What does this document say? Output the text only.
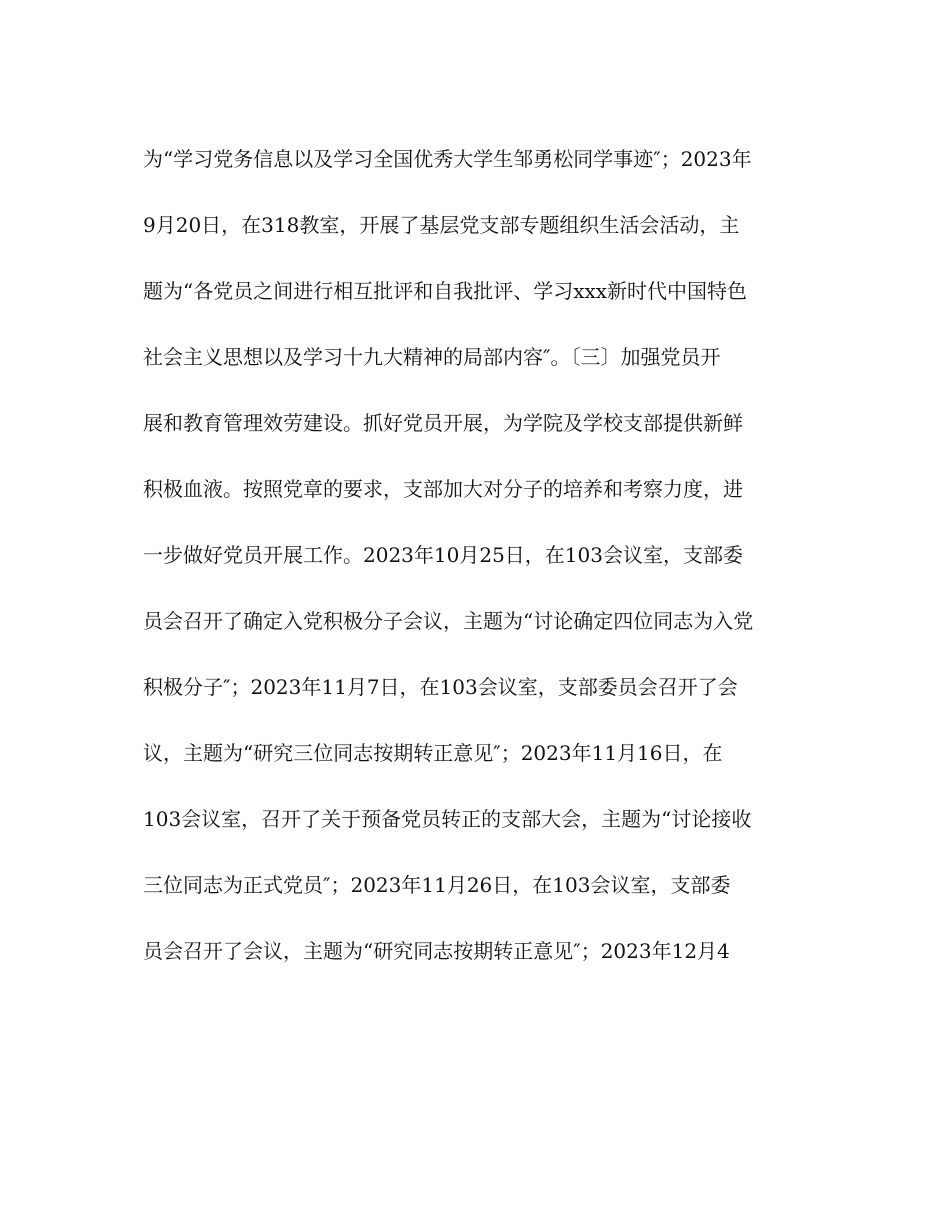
为“学习党务信息以及学习全国优秀大学生邹勇松同学事迹″；2023年
9月20日，在318教室，开展了基层党支部专题组织生活会活动，主
题为“各党员之间进行相互批评和自我批评、学习xxx新时代中国特色
社会主义思想以及学习十九大精神的局部内容″。〔三〕加强党员开
展和教育管理效劳建设。抓好党员开展，为学院及学校支部提供新鲜
积极血液。按照党章的要求，支部加大对分子的培养和考察力度，进
一步做好党员开展工作。2023年10月25日，在103会议室，支部委
员会召开了确定入党积极分子会议，主题为“讨论确定四位同志为入党
积极分子″；2023年11月7日，在103会议室，支部委员会召开了会
议，主题为“研究三位同志按期转正意见″；2023年11月16日，在
103会议室，召开了关于预备党员转正的支部大会，主题为“讨论接收
三位同志为正式党员″；2023年11月26日，在103会议室，支部委
员会召开了会议，主题为“研究同志按期转正意见″；2023年12月4
